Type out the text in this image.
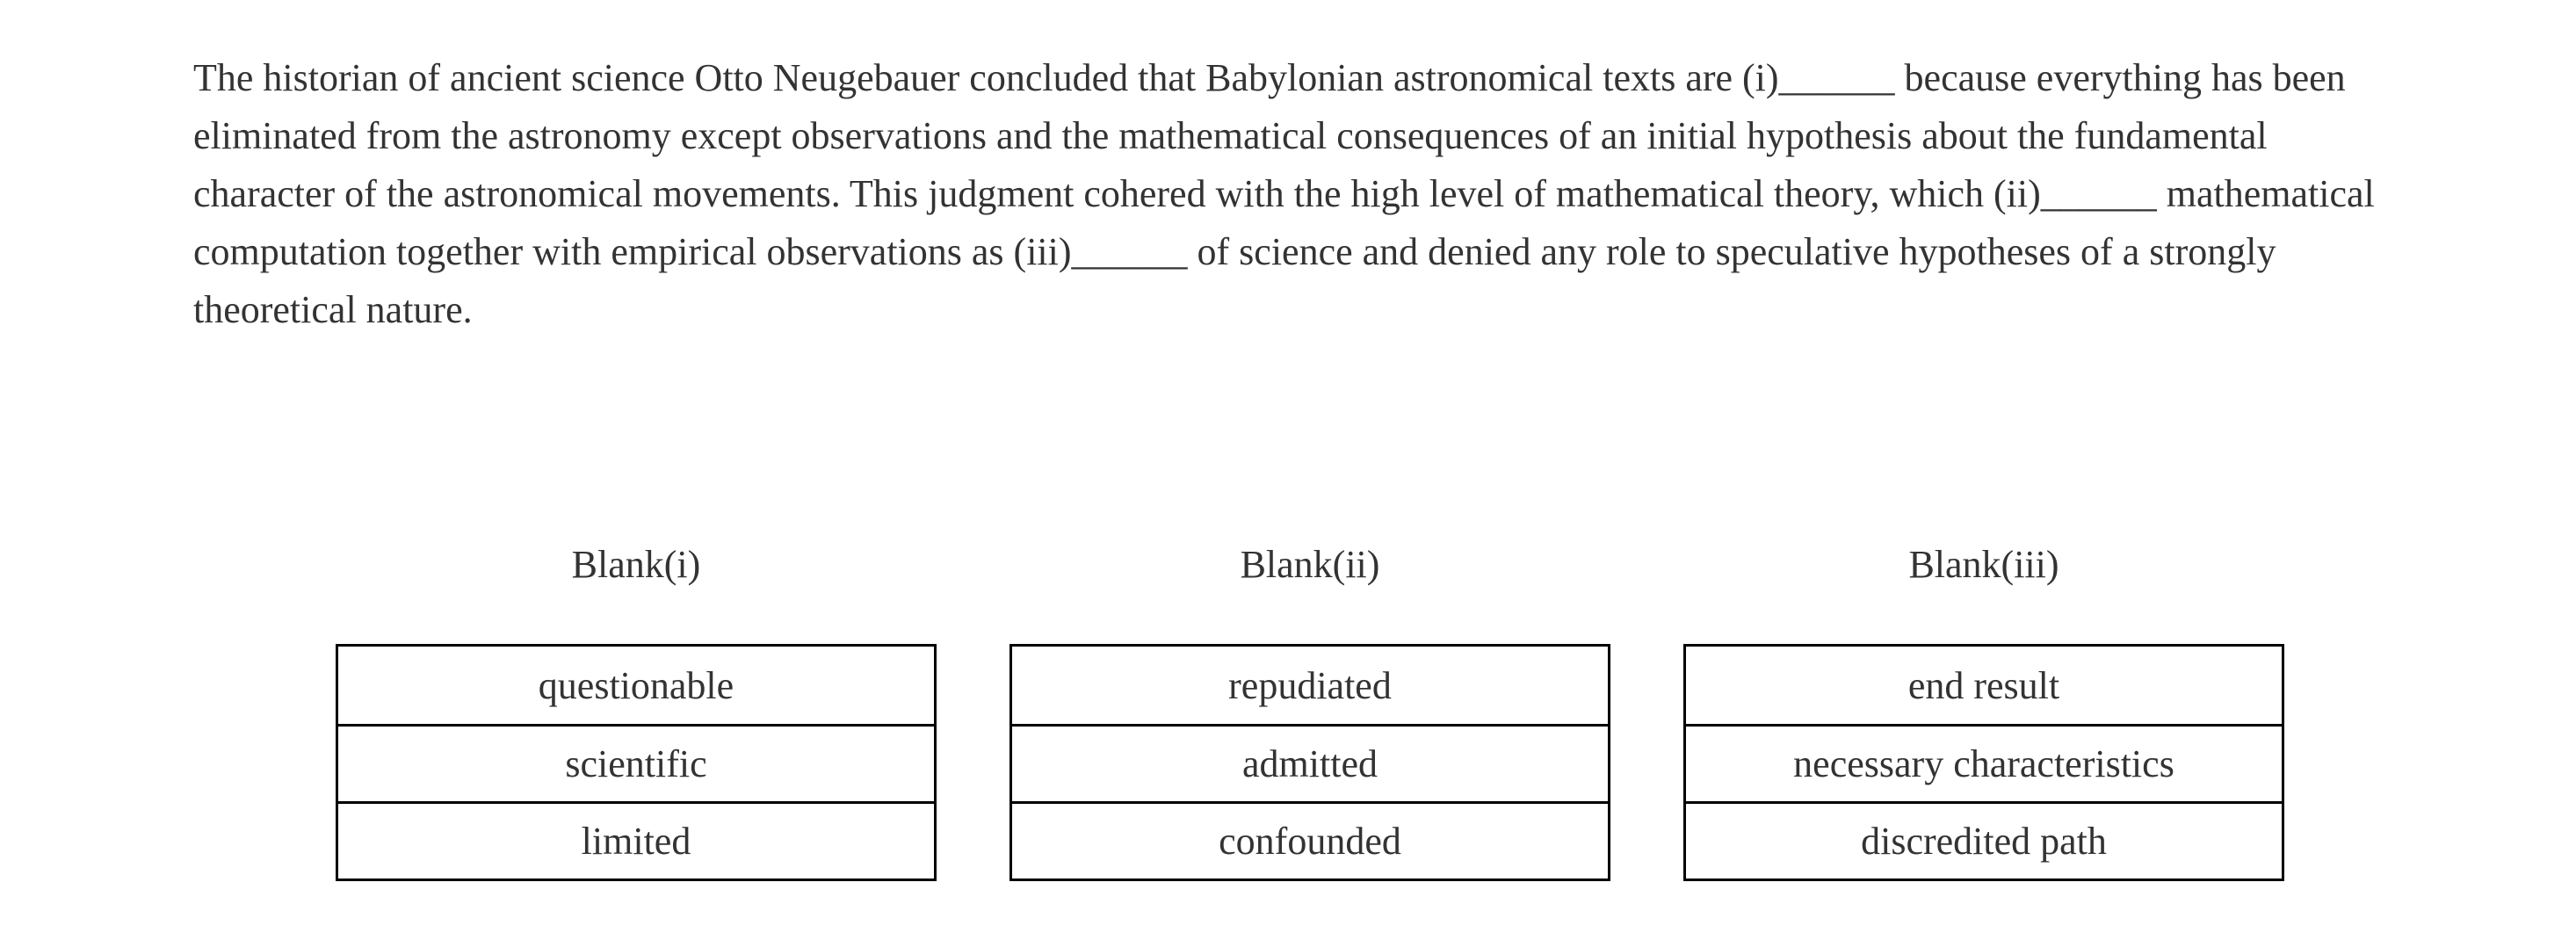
The historian of ancient science Otto Neugebauer concluded that Babylonian astronomical texts are (i)______ because everything has been eliminated from the astronomy except observations and the mathematical consequences of an initial hypothesis about the fundamental character of the astronomical movements. This judgment cohered with the high level of mathematical theory, which (ii)______ mathematical computation together with empirical observations as (iii)______ of science and denied any role to speculative hypotheses of a strongly theoretical nature.

Blank(i)
questionable
scientific
limited
Blank(ii)
repudiated
admitted
confounded
Blank(iii)
end result
necessary characteristics
discredited path
